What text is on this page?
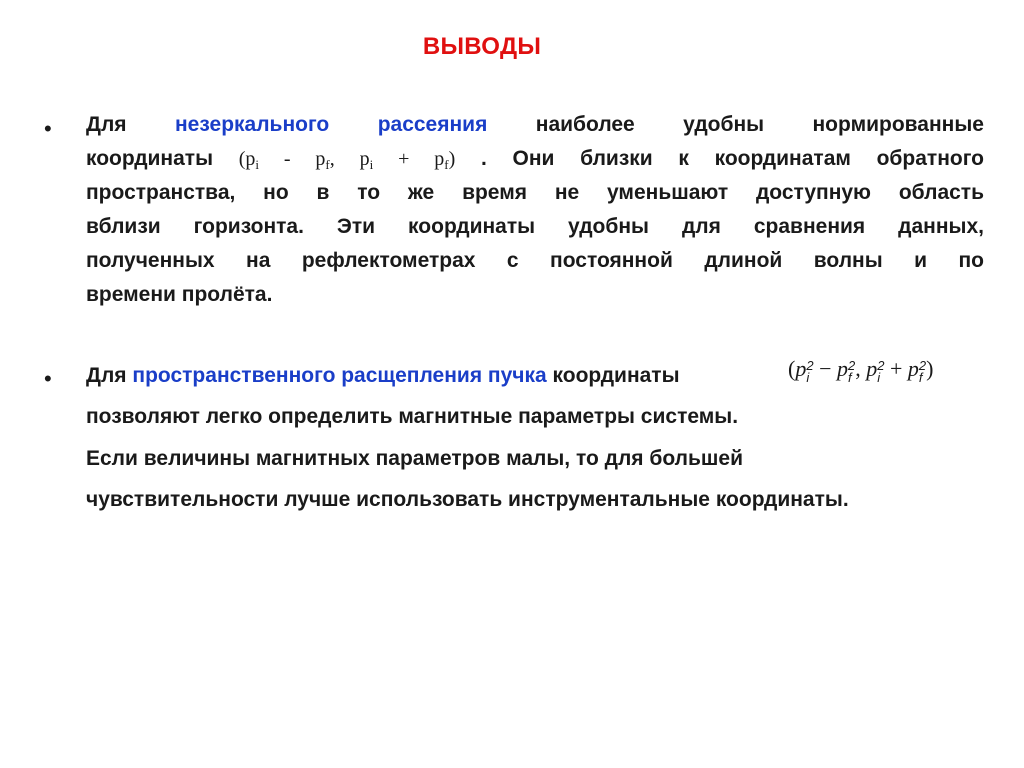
ВЫВОДЫ
• Для незеркального рассеяния наиболее удобны нормированные
координаты ($p_i - p_f$, $p_i + p_f$) . Они близки к координатам обратного
пространства, но в то же время не уменьшают доступную область
вблизи горизонта. Эти координаты удобны для сравнения данных,
полученных на рефлектометрах с постоянной длиной волны и по
времени пролёта.
• Для пространственного расщепления пучка координаты	(p 2
i − p 2
f , p 2
i + p 2
f )
позволяют легко определить магнитные параметры системы.
Если величины магнитных параметров малы, то для большей
чувствительности лучше использовать инструментальные координаты.
